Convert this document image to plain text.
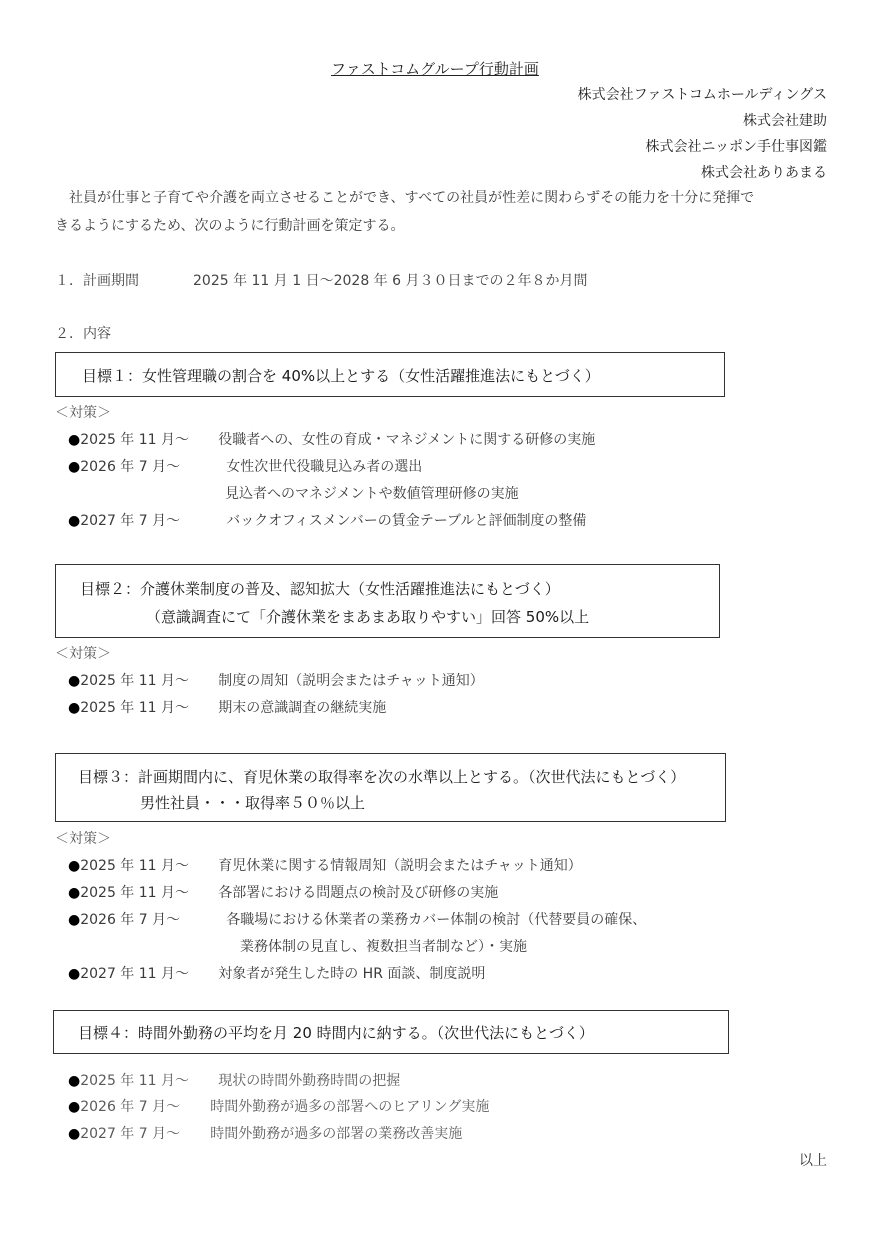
ファストコムグループ行動計画
株式会社ファストコムホールディングス
株式会社建助
株式会社ニッポン手仕事図鑑
株式会社ありあまる
　社員が仕事と子育てや介護を両立させることができ、すべての社員が性差に関わらずその能力を十分に発揮で
きるようにするため、次のように行動計画を策定する。
１．計画期間	2025 年 11 月 1 日～2028 年 6 月３０日までの２年８か月間
２．内容
目標１：女性管理職の割合を 40%以上とする（女性活躍推進法にもとづく）
＜対策＞
●2025 年 11 月～ 役職者への、女性の育成・マネジメントに関する研修の実施
●2026 年 7 月～	女性次世代役職見込み者の選出
見込者へのマネジメントや数値管理研修の実施
●2027 年 7 月～	バックオフィスメンバーの賃金テーブルと評価制度の整備
目標２：介護休業制度の普及、認知拡大（女性活躍推進法にもとづく）
（意識調査にて「介護休業をまあまあ取りやすい」回答 50%以上
＜対策＞
●2025 年 11 月～ 制度の周知（説明会またはチャット通知）
●2025 年 11 月～ 期末の意識調査の継続実施
目標３：計画期間内に、育児休業の取得率を次の水準以上とする。（次世代法にもとづく）
男性社員・・・取得率５０％以上
＜対策＞
●2025 年 11 月～ 育児休業に関する情報周知（説明会またはチャット通知）
●2025 年 11 月～ 各部署における問題点の検討及び研修の実施
●2026 年 7 月～	各職場における休業者の業務カバー体制の検討（代替要員の確保、
業務体制の見直し、複数担当者制など）・実施
●2027 年 11 月～ 対象者が発生した時の HR 面談、制度説明
目標４：時間外勤務の平均を月 20 時間内に納する。（次世代法にもとづく）
●2025 年 11 月～ 現状の時間外勤務時間の把握
●2026 年 7 月～ 時間外勤務が過多の部署へのヒアリング実施
●2027 年 7 月～ 時間外勤務が過多の部署の業務改善実施
以上
